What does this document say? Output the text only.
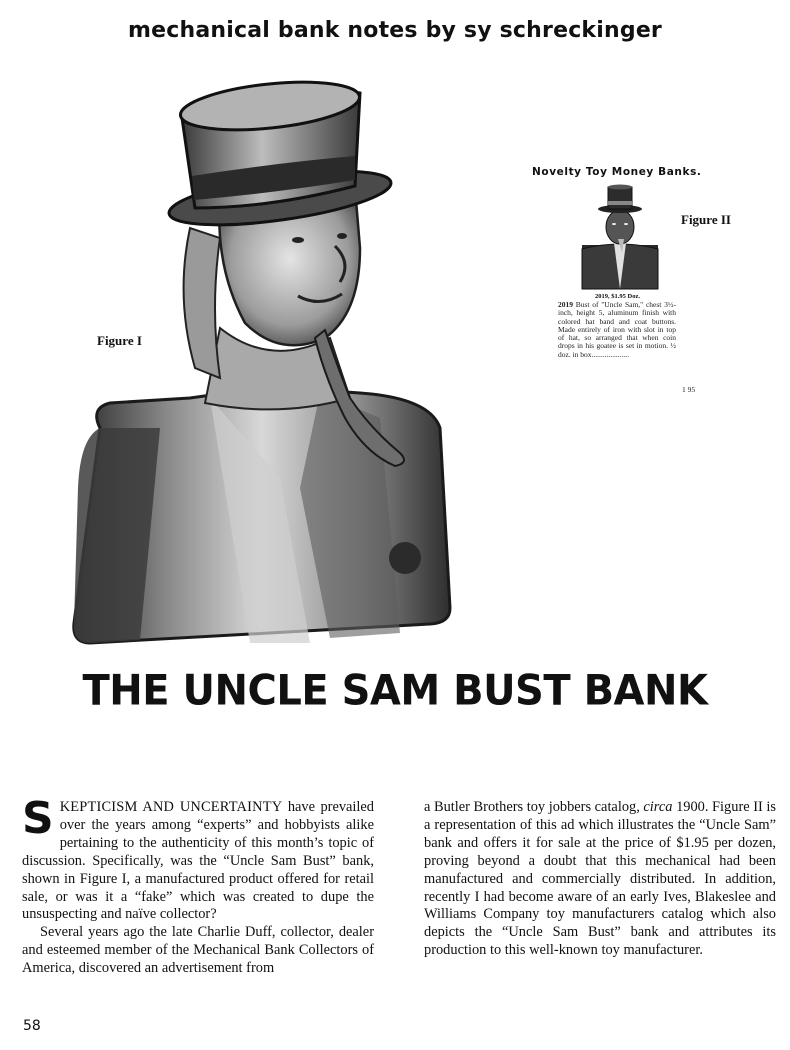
mechanical bank notes by sy schreckinger
Figure I
Novelty Toy Money Banks.
Figure II
2019, $1.95 Doz.
2019 Bust of "Uncle Sam," chest 3½-inch, height 5, aluminum finish with colored hat band and coat buttons. Made entirely of iron with slot in top of hat, so arranged that when coin drops in his goatee is set in motion. ½ doz. in box....................
1 95
THE UNCLE SAM BUST BANK

SKEPTICISM AND UNCERTAINTY have prevailed over the years among “experts” and hobbyists alike pertaining to the authenticity of this month’s topic of discussion. Specifically, was the “Uncle Sam Bust” bank, shown in Figure I, a manufactured product offered for retail sale, or was it a “fake” which was created to dupe the unsuspecting and naïve collector?

Several years ago the late Charlie Duff, collector, dealer and esteemed member of the Mechanical Bank Collectors of America, discovered an advertisement from

a Butler Brothers toy jobbers catalog, circa 1900. Figure II is a representation of this ad which illustrates the “Uncle Sam” bank and offers it for sale at the price of $1.95 per dozen, proving beyond a doubt that this mechanical had been manufactured and commercially distributed. In addition, recently I had become aware of an early Ives, Blakeslee and Williams Company toy manufacturers catalog which also depicts the “Uncle Sam Bust” bank and attributes its production to this well-known toy manufacturer.

58
